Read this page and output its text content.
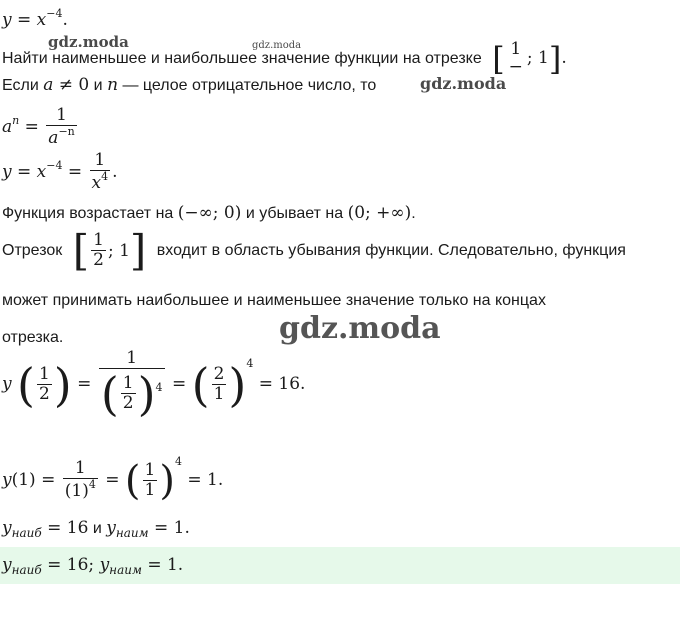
gdz.moda	gdz.moda
gdz.moda
gdz.moda
$y = x^{-4}$.
Найти наименьшее и наибольшее значение функции на отрезке [ 1
− ; 1 ] .
Если a ≠ 0 и n — целое отрицательное число, то
$a^n = \frac{1}{a^{-n}}$
$y = x^{-4} = \frac{1}{x^4}$ .
Функция возрастает на (−∞; 0) и убывает на (0; +∞).
Отрезок [ $\frac{1}{2}$ ; 1 ] входит в область убывания функции. Следовательно, функция
может принимать наибольшее и наименьшее значение только на концах
отрезка.
y ( $\frac{1}{2}$ ) = $\frac{1}{( \frac{1}{2} ) ^4}$ = ( $\frac{2}{1}$ ) $^4$ = 16.
$y(1) = \frac{1}{(1)^4}$ = ( $\frac{1}{1}$ ) $^4$ = 1.
$y_{наиб} = 16$ и $y_{наим} = 1$.
$y_{наиб} = 16$; $y_{наим} = 1$.
